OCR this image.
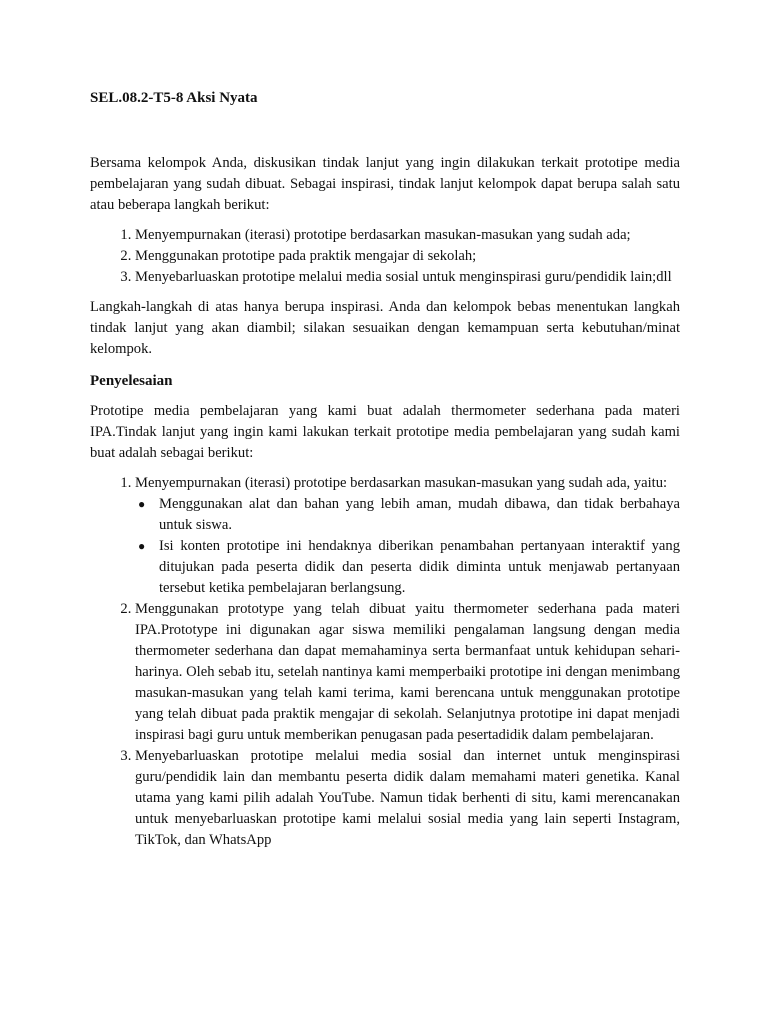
SEL.08.2-T5-8 Aksi Nyata
Bersama kelompok Anda, diskusikan tindak lanjut yang ingin dilakukan terkait prototipe media pembelajaran yang sudah dibuat. Sebagai inspirasi, tindak lanjut kelompok dapat berupa salah satu atau beberapa langkah berikut:
1. Menyempurnakan (iterasi) prototipe berdasarkan masukan-masukan yang sudah ada;
2. Menggunakan prototipe pada praktik mengajar di sekolah;
3. Menyebarluaskan prototipe melalui media sosial untuk menginspirasi guru/pendidik lain;dll
Langkah-langkah di atas hanya berupa inspirasi. Anda dan kelompok bebas menentukan langkah tindak lanjut yang akan diambil; silakan sesuaikan dengan kemampuan serta kebutuhan/minat kelompok.
Penyelesaian
Prototipe media pembelajaran yang kami buat adalah thermometer sederhana pada materi IPA.Tindak lanjut yang ingin kami lakukan terkait prototipe media pembelajaran yang sudah kami buat adalah sebagai berikut:
1. Menyempurnakan (iterasi) prototipe berdasarkan masukan-masukan yang sudah ada, yaitu:
● Menggunakan alat dan bahan yang lebih aman, mudah dibawa, dan tidak berbahaya untuk siswa.
● Isi konten prototipe ini hendaknya diberikan penambahan pertanyaan interaktif yang ditujukan pada peserta didik dan peserta didik diminta untuk menjawab pertanyaan tersebut ketika pembelajaran berlangsung.
2. Menggunakan prototype yang telah dibuat yaitu thermometer sederhana pada materi IPA.Prototype ini digunakan agar siswa memiliki pengalaman langsung dengan media thermometer sederhana dan dapat memahaminya serta bermanfaat untuk kehidupan sehari-harinya. Oleh sebab itu, setelah nantinya kami memperbaiki prototipe ini dengan menimbang masukan-masukan yang telah kami terima, kami berencana untuk menggunakan prototipe yang telah dibuat pada praktik mengajar di sekolah. Selanjutnya prototipe ini dapat menjadi inspirasi bagi guru untuk memberikan penugasan pada pesertadidik dalam pembelajaran.
3. Menyebarluaskan prototipe melalui media sosial dan internet untuk menginspirasi guru/pendidik lain dan membantu peserta didik dalam memahami materi genetika. Kanal utama yang kami pilih adalah YouTube. Namun tidak berhenti di situ, kami merencanakan untuk menyebarluaskan prototipe kami melalui sosial media yang lain seperti Instagram, TikTok, dan WhatsApp
